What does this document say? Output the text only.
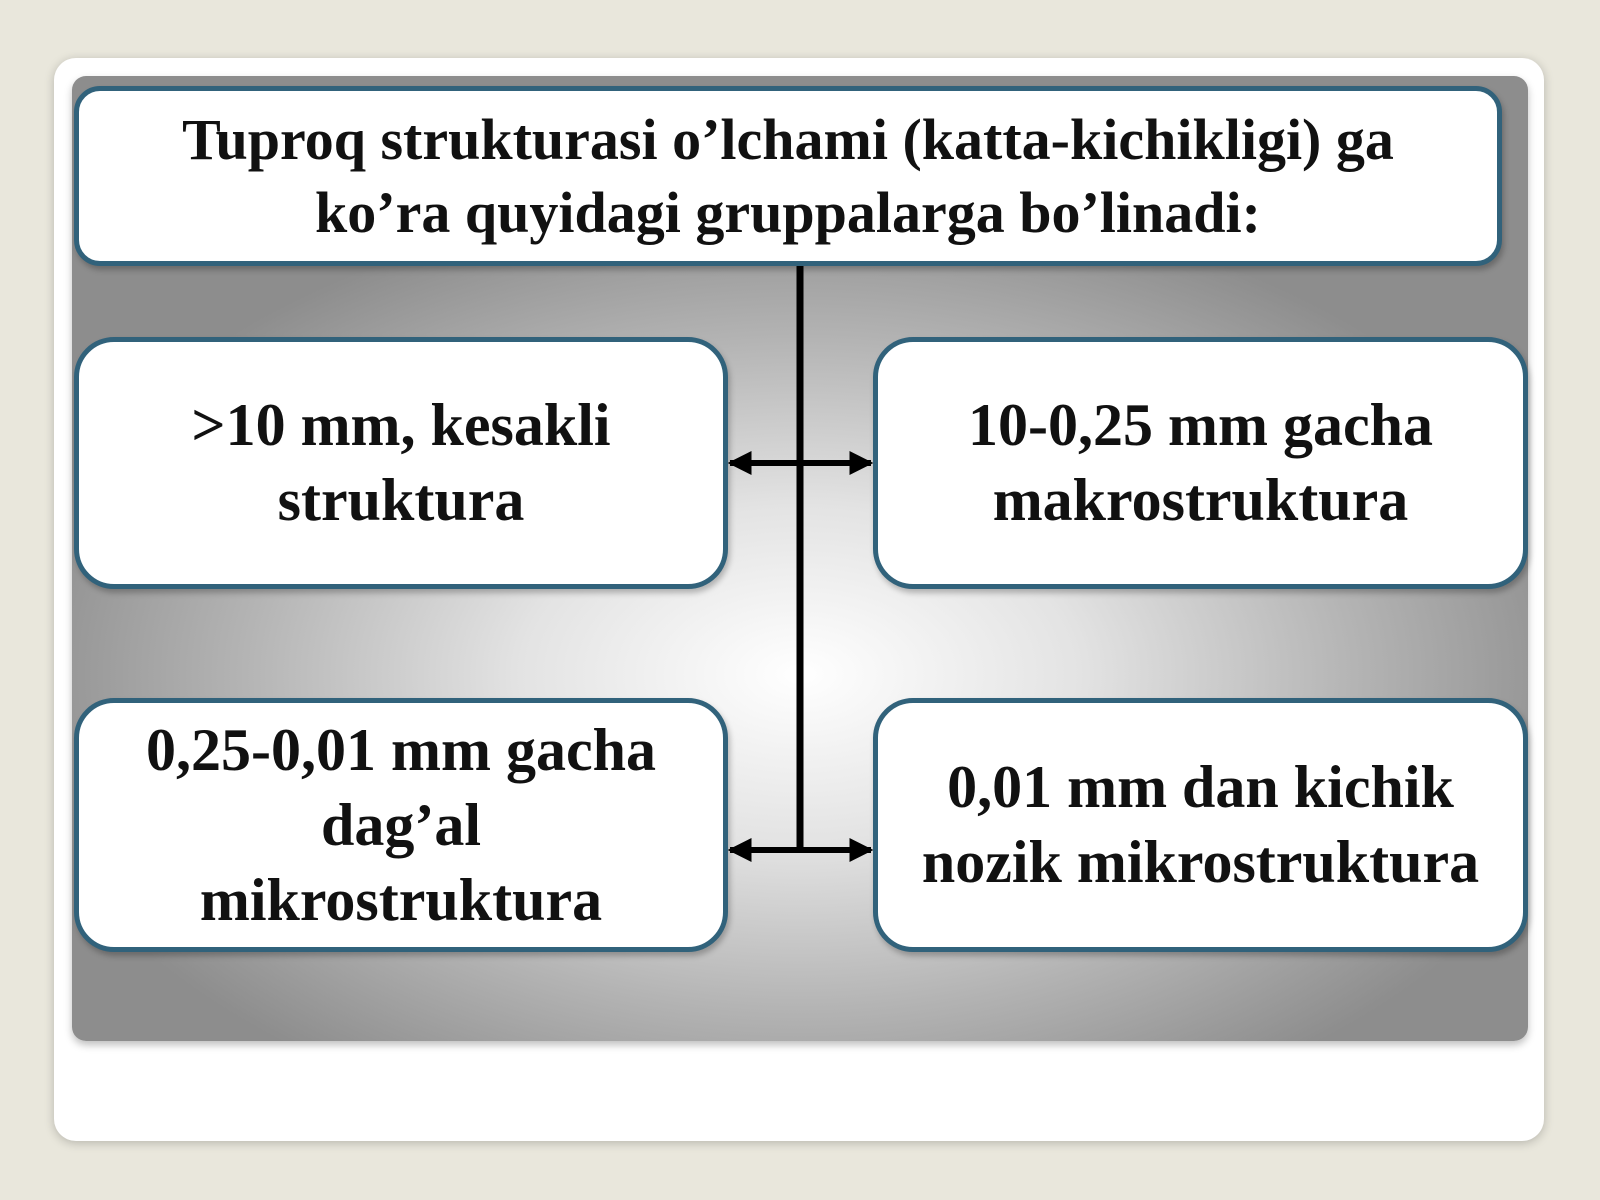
Tuproq strukturasi o’lchami (katta-kichikligi) ga
ko’ra quyidagi gruppalarga bo’linadi:
>10 mm, kesakli
struktura
10-0,25 mm gacha
makrostruktura
0,25-0,01 mm gacha
dag’al
mikrostruktura
0,01 mm dan kichik
nozik mikrostruktura
